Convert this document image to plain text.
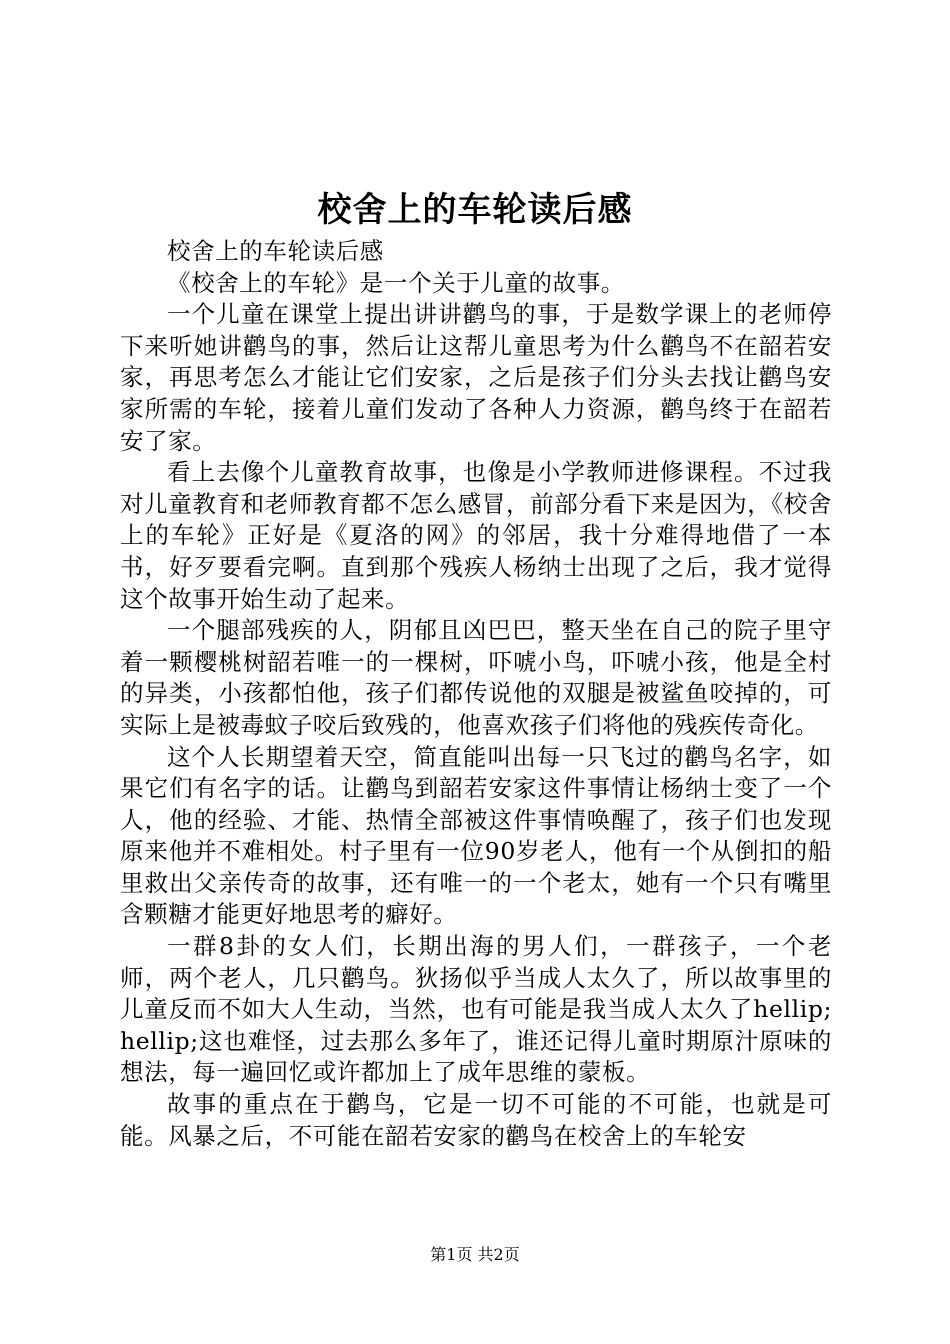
校舍上的车轮读后感

校舍上的车轮读后感

《校舍上的车轮》是一个关于儿童的故事。

一个儿童在课堂上提出讲讲鹳鸟的事，于是数学课上的老师停下来听她讲鹳鸟的事，然后让这帮儿童思考为什么鹳鸟不在韶若安家，再思考怎么才能让它们安家，之后是孩子们分头去找让鹳鸟安家所需的车轮，接着儿童们发动了各种人力资源，鹳鸟终于在韶若安了家。

看上去像个儿童教育故事，也像是小学教师进修课程。不过我对儿童教育和老师教育都不怎么感冒，前部分看下来是因为，《校舍上的车轮》正好是《夏洛的网》的邻居，我十分难得地借了一本书，好歹要看完啊。直到那个残疾人杨纳士出现了之后，我才觉得这个故事开始生动了起来。

一个腿部残疾的人，阴郁且凶巴巴，整天坐在自己的院子里守着一颗樱桃树韶若唯一的一棵树，吓唬小鸟，吓唬小孩，他是全村的异类，小孩都怕他，孩子们都传说他的双腿是被鲨鱼咬掉的，可实际上是被毒蚊子咬后致残的，他喜欢孩子们将他的残疾传奇化。

这个人长期望着天空，简直能叫出每一只飞过的鹳鸟名字，如果它们有名字的话。让鹳鸟到韶若安家这件事情让杨纳士变了一个人，他的经验、才能、热情全部被这件事情唤醒了，孩子们也发现原来他并不难相处。村子里有一位90岁老人，他有一个从倒扣的船里救出父亲传奇的故事，还有唯一的一个老太，她有一个只有嘴里含颗糖才能更好地思考的癖好。

一群8卦的女人们，长期出海的男人们，一群孩子，一个老师，两个老人，几只鹳鸟。狄扬似乎当成人太久了，所以故事里的儿童反而不如大人生动，当然，也有可能是我当成人太久了hellip;hellip;这也难怪，过去那么多年了，谁还记得儿童时期原汁原味的想法，每一遍回忆或许都加上了成年思维的蒙板。

故事的重点在于鹳鸟，它是一切不可能的不可能，也就是可能。风暴之后，不可能在韶若安家的鹳鸟在校舍上的车轮安

第1页 共2页
